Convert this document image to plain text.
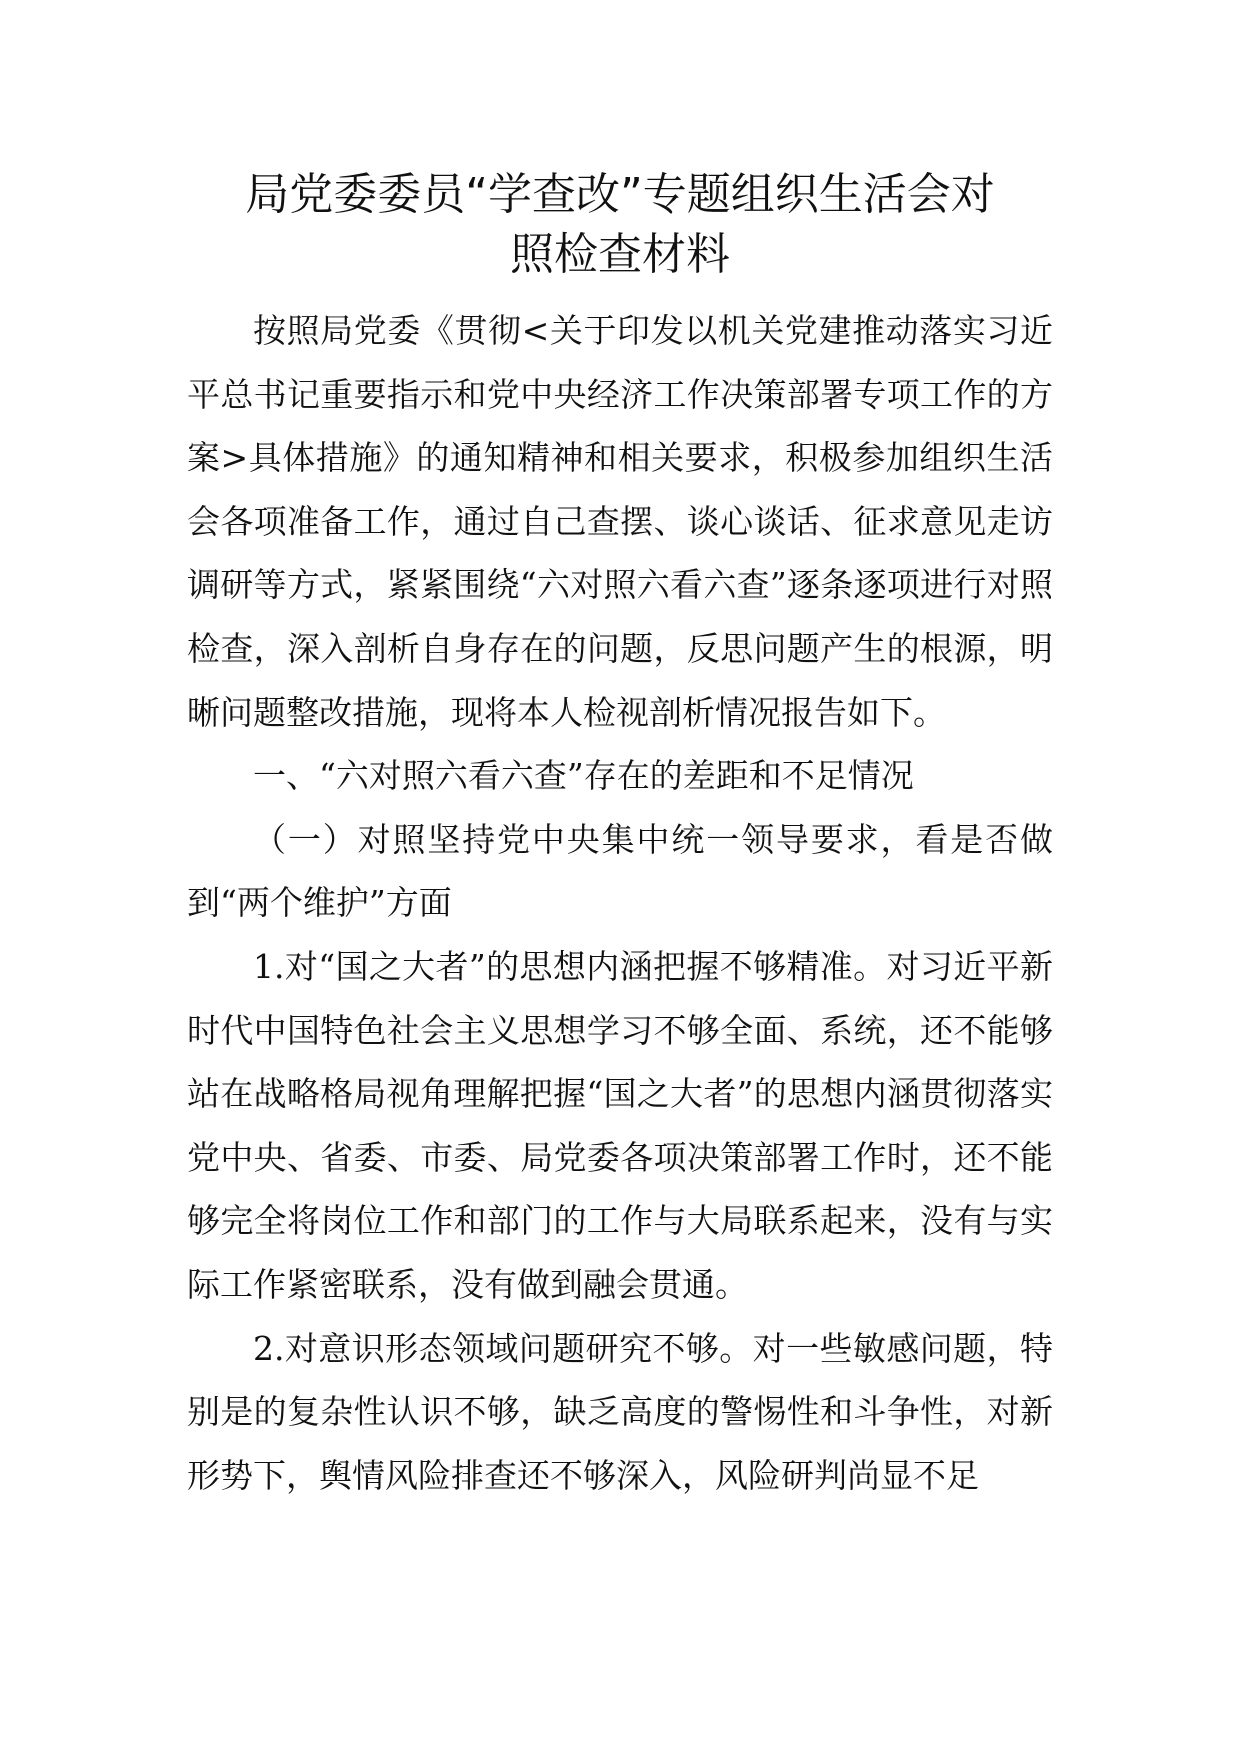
局党委委员“学查改”专题组织生活会对
照检查材料

按照局党委《贯彻<关于印发以机关党建推动落实习近平总书记重要指示和党中央经济工作决策部署专项工作的方案>具体措施》的通知精神和相关要求，积极参加组织生活会各项准备工作，通过自己查摆、谈心谈话、征求意见走访调研等方式，紧紧围绕“六对照六看六查”逐条逐项进行对照检查，深入剖析自身存在的问题，反思问题产生的根源，明晰问题整改措施，现将本人检视剖析情况报告如下。

一、“六对照六看六查”存在的差距和不足情况

（一）对照坚持党中央集中统一领导要求，看是否做到“两个维护”方面

1.对“国之大者”的思想内涵把握不够精准。对习近平新时代中国特色社会主义思想学习不够全面、系统，还不能够站在战略格局视角理解把握“国之大者”的思想内涵贯彻落实党中央、省委、市委、局党委各项决策部署工作时，还不能够完全将岗位工作和部门的工作与大局联系起来，没有与实际工作紧密联系，没有做到融会贯通。

2.对意识形态领域问题研究不够。对一些敏感问题，特别是的复杂性认识不够，缺乏高度的警惕性和斗争性，对新形势下，舆情风险排查还不够深入，风险研判尚显不足
